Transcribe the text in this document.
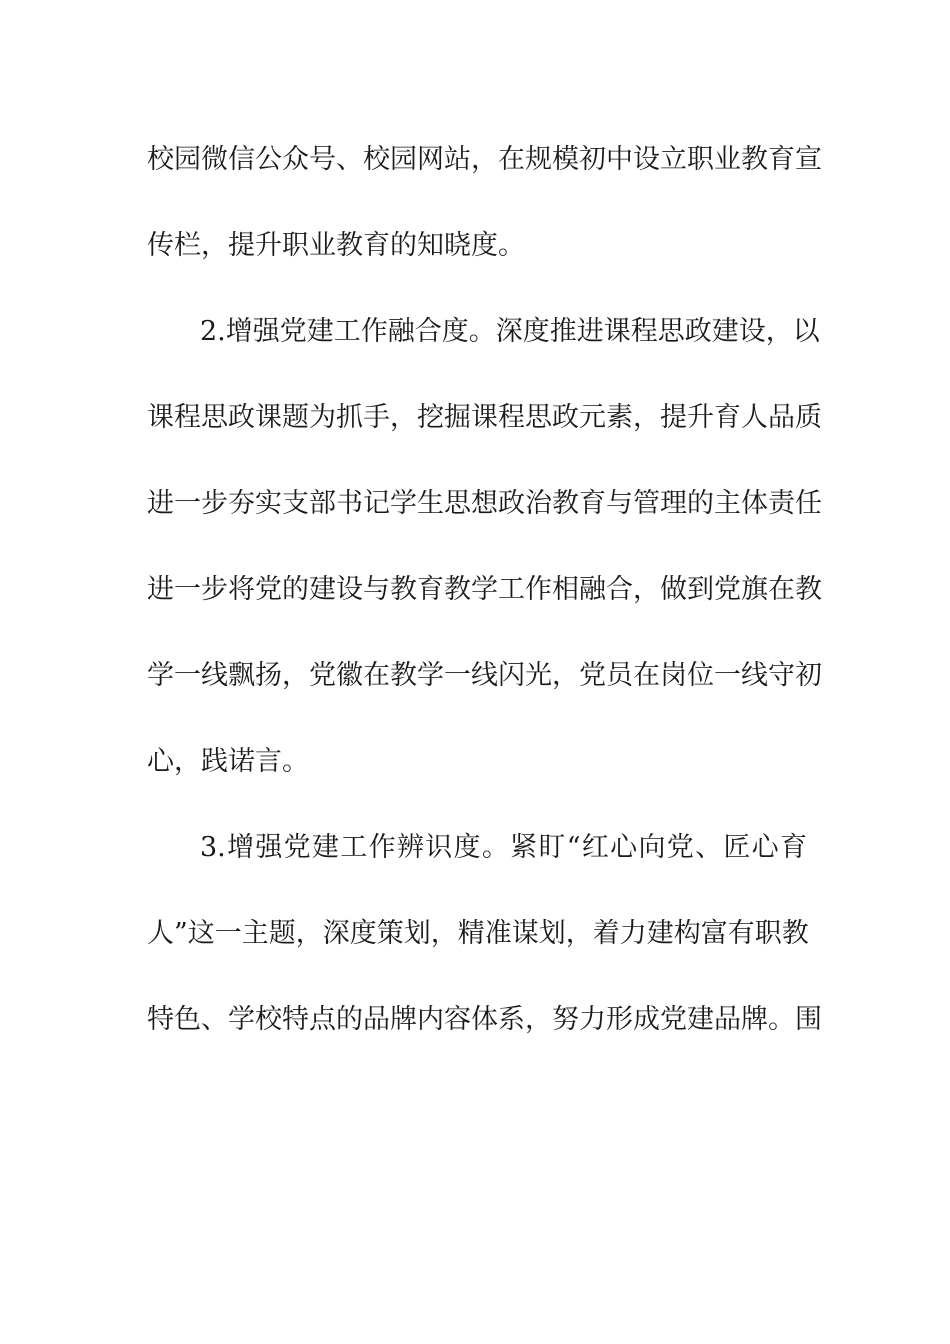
校园微信公众号、校园网站，在规模初中设立职业教育宣
传栏，提升职业教育的知晓度。
2.增强党建工作融合度。深度推进课程思政建设，以
课程思政课题为抓手，挖掘课程思政元素，提升育人品质
进一步夯实支部书记学生思想政治教育与管理的主体责任
进一步将党的建设与教育教学工作相融合，做到党旗在教
学一线飘扬，党徽在教学一线闪光，党员在岗位一线守初
心，践诺言。
3.增强党建工作辨识度。紧盯“红心向党、匠心育
人”这一主题，深度策划，精准谋划，着力建构富有职教
特色、学校特点的品牌内容体系，努力形成党建品牌。围
